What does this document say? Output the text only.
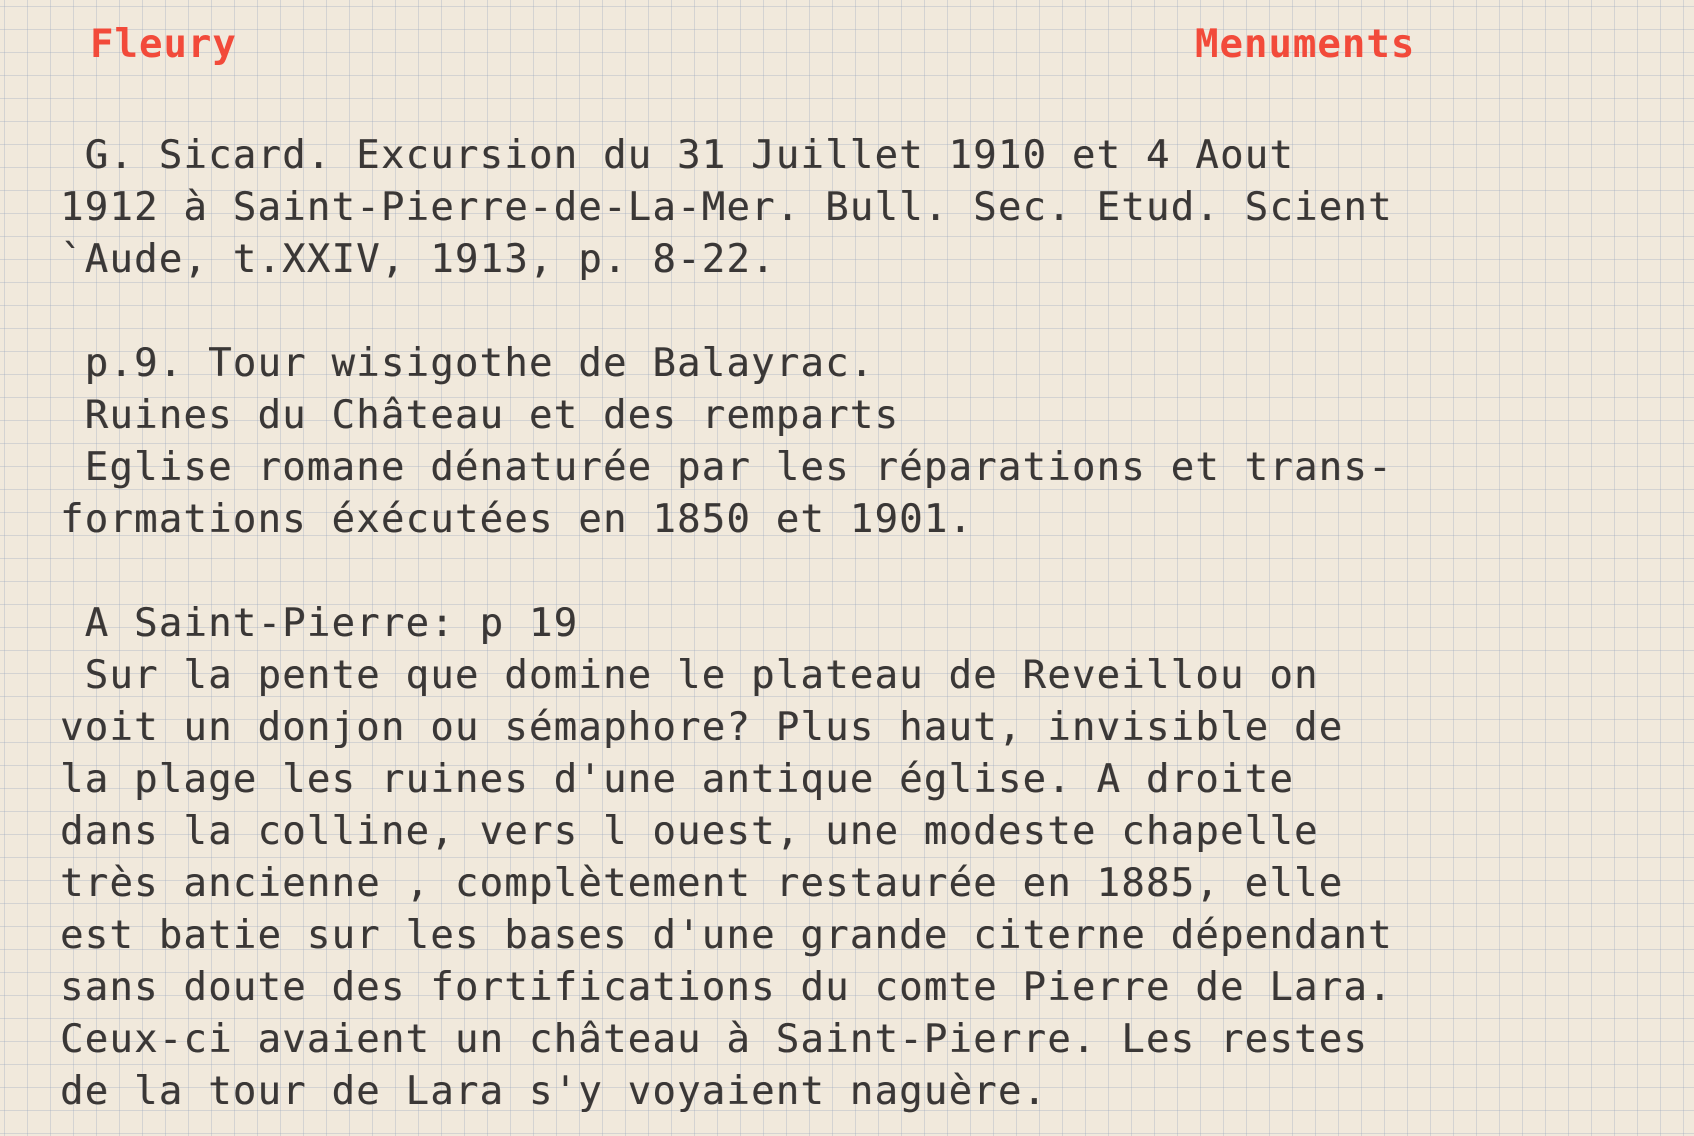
Fleury	Menuments
G. Sicard. Excursion du 31 Juillet 1910 et 4 Aout
1912 à Saint-Pierre-de-La-Mer. Bull. Sec. Etud. Scient
`Aude, t.XXIV, 1913, p. 8-22.
p.9. Tour wisigothe de Balayrac.
Ruines du Château et des remparts
Eglise romane dénaturée par les réparations et trans-
formations éxécutées en 1850 et 1901.
A Saint-Pierre: p 19
Sur la pente que domine le plateau de Reveillou on
voit un donjon ou sémaphore? Plus haut, invisible de
la plage les ruines d'une antique église. A droite
dans la colline, vers l ouest, une modeste chapelle
très ancienne , complètement restaurée en 1885, elle
est batie sur les bases d'une grande citerne dépendant
sans doute des fortifications du comte Pierre de Lara.
Ceux-ci avaient un château à Saint-Pierre. Les restes
de la tour de Lara s'y voyaient naguère.
